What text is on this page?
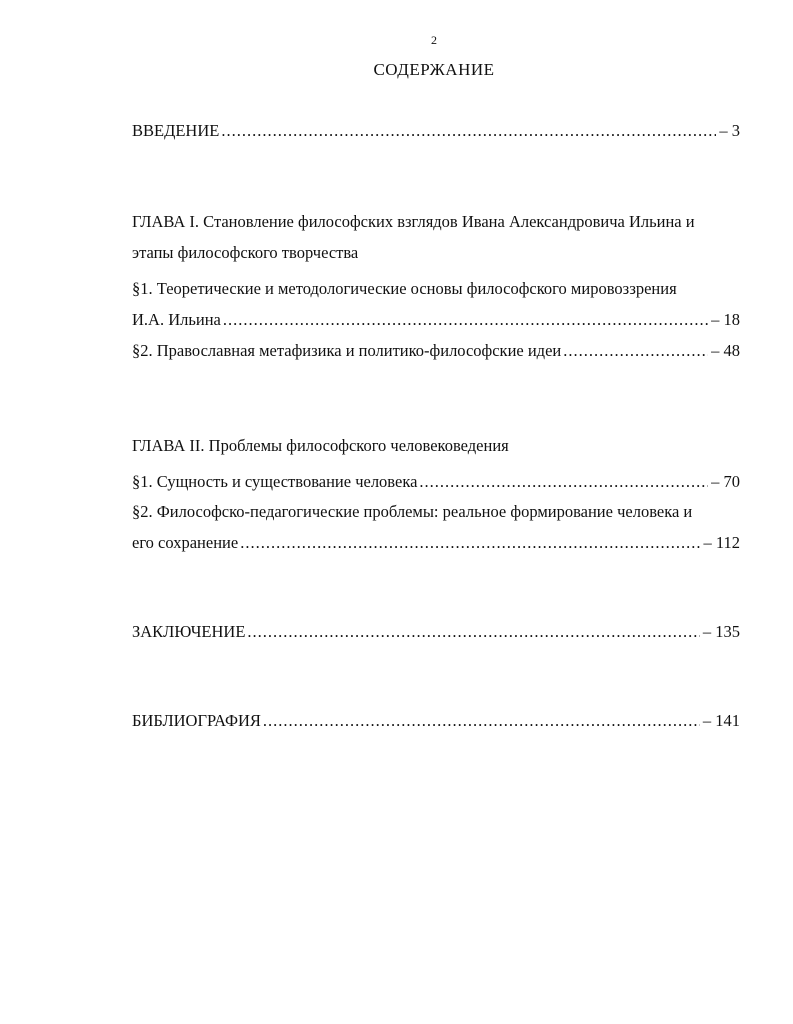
2
СОДЕРЖАНИЕ
ВВЕДЕНИЕ .....	– 3
ГЛАВА I. Становление философских взглядов Ивана Александровича Ильина и
этапы философского творчества
§1. Теоретические и методологические основы философского мировоззрения
И.А. Ильина .....	– 18
§2. Православная метафизика и политико-философские идеи .....	– 48
ГЛАВА II. Проблемы философского человековедения
§1. Сущность и существование человека .....	– 70
§2. Философско-педагогические проблемы: реальное формирование человека и
его сохранение .....	– 112
ЗАКЛЮЧЕНИЕ .....	– 135
БИБЛИОГРАФИЯ .....	– 141
